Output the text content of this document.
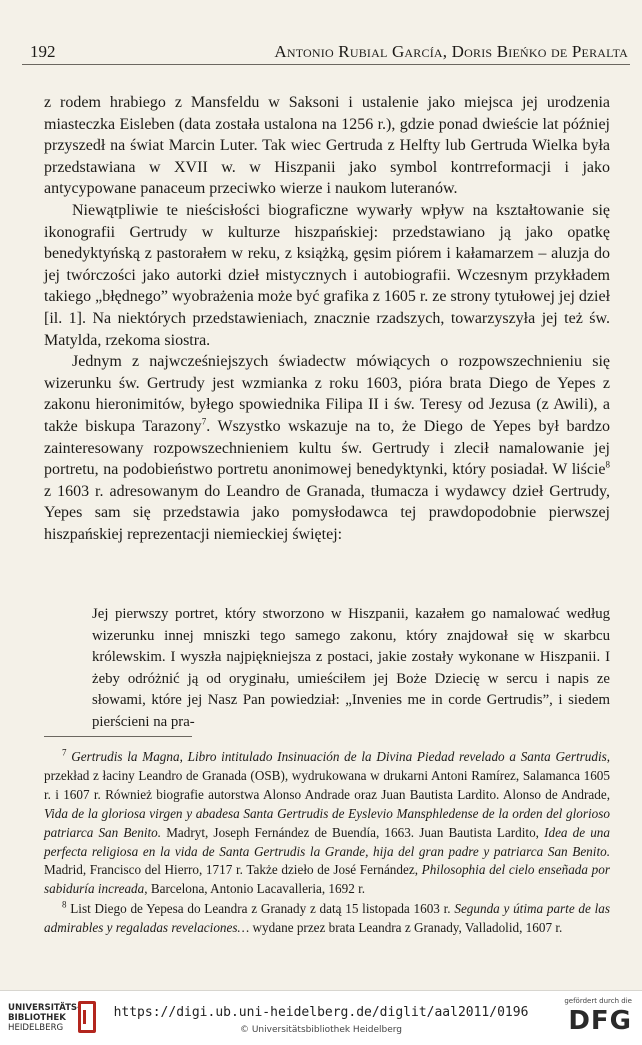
192	Antonio Rubial García, Doris Bieńko de Peralta

z rodem hrabiego z Mansfeldu w Saksoni i ustalenie jako miejsca jej urodzenia miasteczka Eisleben (data została ustalona na 1256 r.), gdzie ponad dwieście lat później przyszedł na świat Marcin Luter. Tak wiec Gertruda z Helfty lub Gertruda Wielka była przedstawiana w XVII w. w Hiszpanii jako symbol kontrreformacji i jako antycypowane panaceum przeciwko wierze i naukom luteranów.

Niewątpliwie te nieścisłości biograficzne wywarły wpływ na kształtowanie się ikonografii Gertrudy w kulturze hiszpańskiej: przedstawiano ją jako opatkę benedyktyńską z pastorałem w reku, z książką, gęsim piórem i kałamarzem – aluzja do jej twórczości jako autorki dzieł mistycznych i autobiografii. Wczesnym przykładem takiego „błędnego” wyobrażenia może być grafika z 1605 r. ze strony tytułowej jej dzieł [il. 1]. Na niektórych przedstawieniach, znacznie rzadszych, towarzyszyła jej też św. Matylda, rzekoma siostra.

Jednym z najwcześniejszych świadectw mówiących o rozpowszechnieniu się wizerunku św. Gertrudy jest wzmianka z roku 1603, pióra brata Diego de Yepes z zakonu hieronimitów, byłego spowiednika Filipa II i św. Teresy od Jezusa (z Awili), a także biskupa Tarazony$^7$. Wszystko wskazuje na to, że Diego de Yepes był bardzo zainteresowany rozpowszechnieniem kultu św. Gertrudy i zlecił namalowanie jej portretu, na podobieństwo portretu anonimowej benedyktynki, który posiadał. W liście$^8$ z 1603 r. adresowanym do Leandro de Granada, tłumacza i wydawcy dzieł Gertrudy, Yepes sam się przedstawia jako pomysłodawca tej prawdopodobnie pierwszej hiszpańskiej reprezentacji niemieckiej świętej:

Jej pierwszy portret, który stworzono w Hiszpanii, kazałem go namalować według wizerunku innej mniszki tego samego zakonu, który znajdował się w skarbcu królewskim. I wyszła najpiękniejsza z postaci, jakie zostały wykonane w Hiszpanii. I żeby odróżnić ją od oryginału, umieściłem jej Boże Dziecię w sercu i napis ze słowami, które jej Nasz Pan powiedział: „Invenies me in corde Gertrudis”, i siedem pierścieni na pra-

$^7$ Gertrudis la Magna, Libro intitulado Insinuación de la Divina Piedad revelado a Santa Gertrudis, przekład z łaciny Leandro de Granada (OSB), wydrukowana w drukarni Antoni Ramírez, Salamanca 1605 r. i 1607 r. Również biografie autorstwa Alonso Andrade oraz Juan Bautista Lardito. Alonso de Andrade, Vida de la gloriosa virgen y abadesa Santa Gertrudis de Eyslevio Mansphledense de la orden del glorioso patriarca San Benito. Madryt, Joseph Fernández de Buendía, 1663. Juan Bautista Lardito, Idea de una perfecta religiosa en la vida de Santa Gertrudis la Grande, hija del gran padre y patriarca San Benito. Madrid, Francisco del Hierro, 1717 r. Także dzieło de José Fernández, Philosophia del cielo enseñada por sabiduría increada, Barcelona, Antonio Lacavalleria, 1692 r.

$^8$ List Diego de Yepesa do Leandra z Granady z datą 15 listopada 1603 r. Segunda y útima parte de las admirables y regaladas revelaciones… wydane przez brata Leandra z Granady, Valladolid, 1607 r.

UNIVERSITÄTS-
BIBLIOTHEK
HEIDELBERG
https://digi.ub.uni-heidelberg.de/diglit/aal2011/0196
© Universitätsbibliothek Heidelberg
gefördert durch die
DFG
